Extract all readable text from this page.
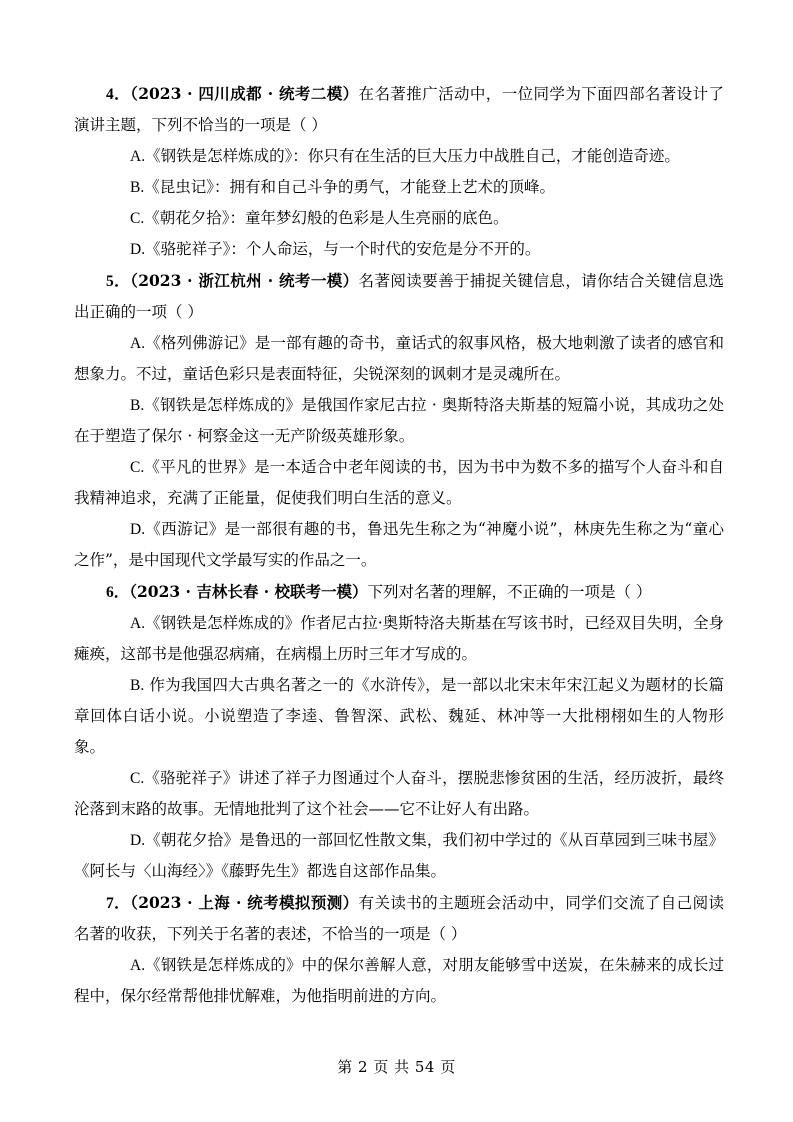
4．（2023 · 四川成都 · 统考二模）在名著推广活动中，一位同学为下面四部名著设计了演讲主题，下列不恰当的一项是（ ）

A.《钢铁是怎样炼成的》：你只有在生活的巨大压力中战胜自己，才能创造奇迹。

B.《昆虫记》：拥有和自己斗争的勇气，才能登上艺术的顶峰。

C.《朝花夕拾》：童年梦幻般的色彩是人生亮丽的底色。

D.《骆驼祥子》：个人命运，与一个时代的安危是分不开的。

5．（2023 · 浙江杭州 · 统考一模）名著阅读要善于捕捉关键信息，请你结合关键信息选出正确的一项（ ）

A.《格列佛游记》是一部有趣的奇书，童话式的叙事风格，极大地刺激了读者的感官和想象力。不过，童话色彩只是表面特征，尖锐深刻的讽刺才是灵魂所在。

B.《钢铁是怎样炼成的》是俄国作家尼古拉 · 奥斯特洛夫斯基的短篇小说，其成功之处在于塑造了保尔 · 柯察金这一无产阶级英雄形象。

C.《平凡的世界》是一本适合中老年阅读的书，因为书中为数不多的描写个人奋斗和自我精神追求，充满了正能量，促使我们明白生活的意义。

D.《西游记》是一部很有趣的书，鲁迅先生称之为“神魔小说”，林庚先生称之为“童心之作”，是中国现代文学最写实的作品之一。

6．（2023 · 吉林长春 · 校联考一模）下列对名著的理解，不正确的一项是（ ）

A.《钢铁是怎样炼成的》作者尼古拉·奥斯特洛夫斯基在写该书时，已经双目失明，全身瘫痪，这部书是他强忍病痛，在病榻上历时三年才写成的。

B. 作为我国四大古典名著之一的《水浒传》，是一部以北宋末年宋江起义为题材的长篇章回体白话小说。小说塑造了李逵、鲁智深、武松、魏延、林冲等一大批栩栩如生的人物形象。

C.《骆驼祥子》讲述了祥子力图通过个人奋斗，摆脱悲惨贫困的生活，经历波折，最终沦落到末路的故事。无情地批判了这个社会——它不让好人有出路。

D.《朝花夕拾》是鲁迅的一部回忆性散文集，我们初中学过的《从百草园到三味书屋》《阿长与〈山海经〉》《藤野先生》都选自这部作品集。

7．（2023 · 上海 · 统考模拟预测）有关读书的主题班会活动中，同学们交流了自己阅读名著的收获，下列关于名著的表述，不恰当的一项是（ ）

A.《钢铁是怎样炼成的》中的保尔善解人意，对朋友能够雪中送炭，在朱赫来的成长过程中，保尔经常帮他排忧解难，为他指明前进的方向。

第 2 页 共 54 页
